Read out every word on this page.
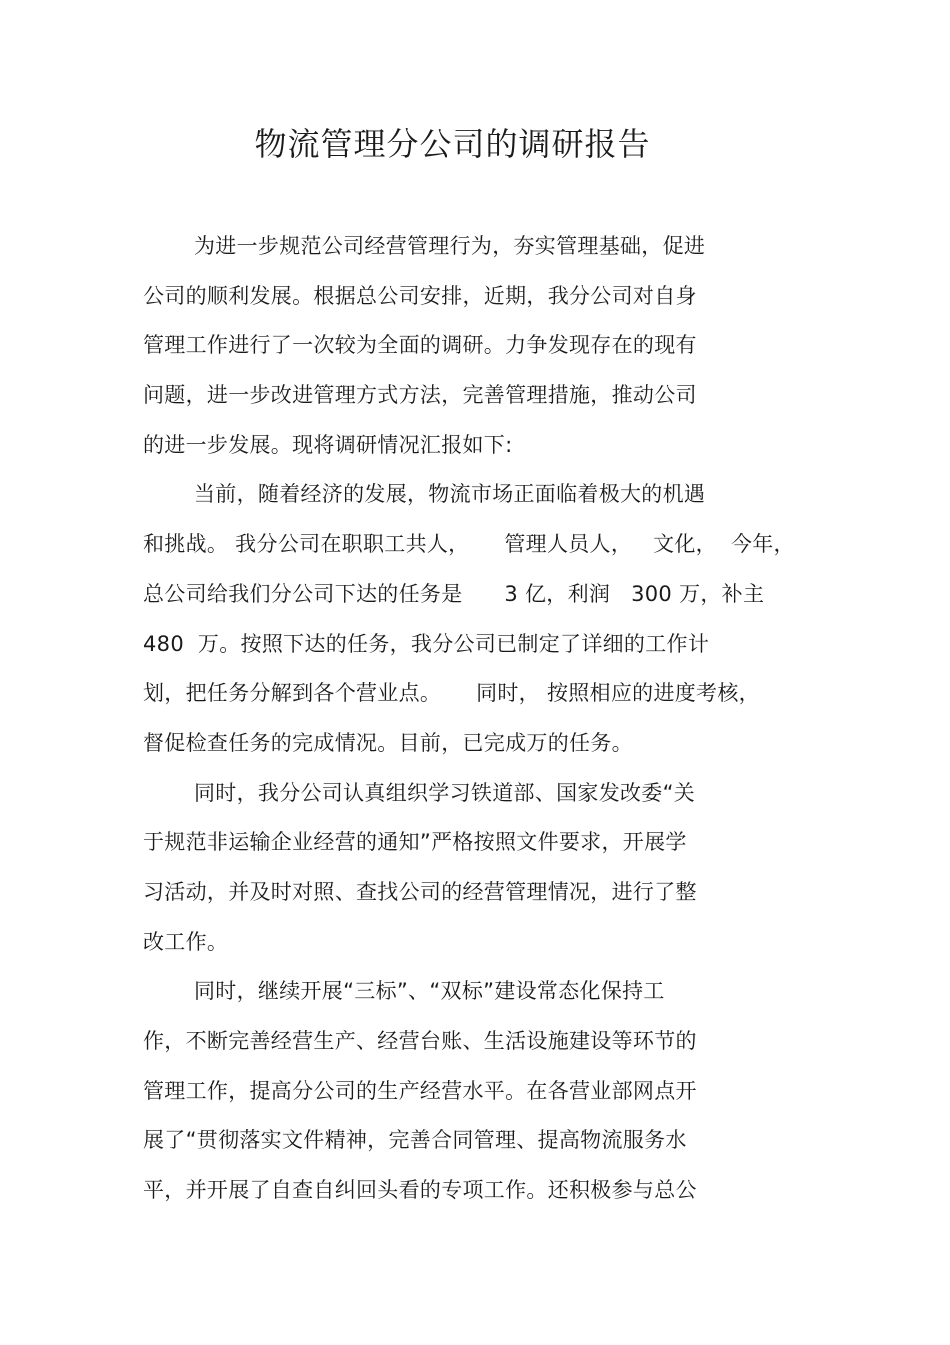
物流管理分公司的调研报告
为进一步规范公司经营管理行为，夯实管理基础，促进
公司的顺利发展。根据总公司安排，近期，我分公司对自身
管理工作进行了一次较为全面的调研。力争发现存在的现有
问题，进一步改进管理方式方法，完善管理措施，推动公司
的进一步发展。现将调研情况汇报如下:
当前，随着经济的发展，物流市场正面临着极大的机遇
和挑战。 我分公司在职职工共人，     管理人员人，   文化，  今年，
总公司给我们分公司下达的任务是      3 亿，利润   300 万，补主
480  万。按照下达的任务，我分公司已制定了详细的工作计
划，把任务分解到各个营业点。     同时， 按照相应的进度考核，
督促检查任务的完成情况。目前，已完成万的任务。
同时，我分公司认真组织学习铁道部、国家发改委“关
于规范非运输企业经营的通知”严格按照文件要求，开展学
习活动，并及时对照、查找公司的经营管理情况，进行了整
改工作。
同时，继续开展“三标”、“双标”建设常态化保持工
作，不断完善经营生产、经营台账、生活设施建设等环节的
管理工作，提高分公司的生产经营水平。在各营业部网点开
展了“贯彻落实文件精神，完善合同管理、提高物流服务水
平，并开展了自查自纠回头看的专项工作。还积极参与总公
